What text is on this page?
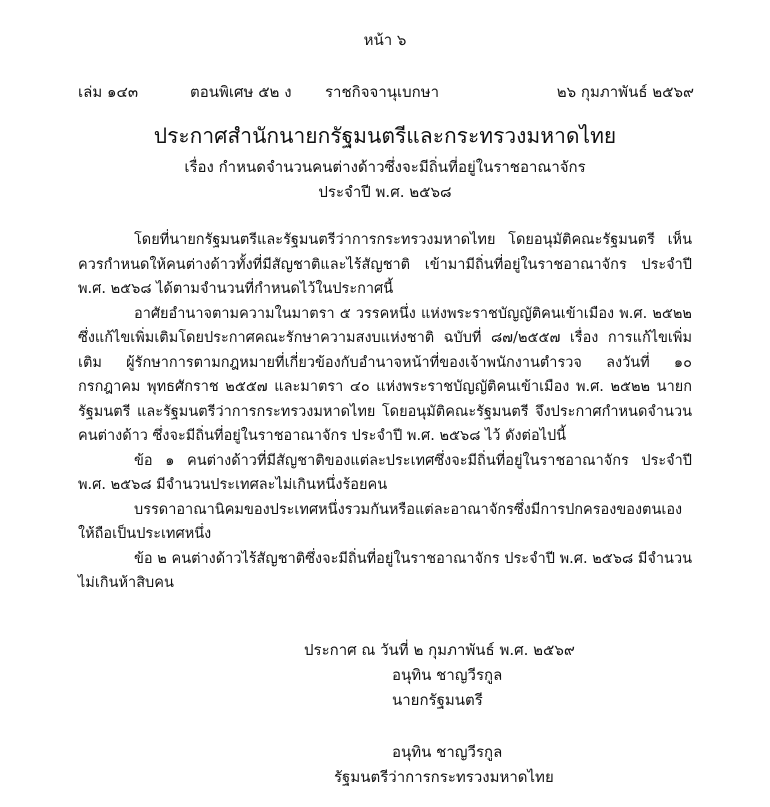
หน้า ๖
เล่ม ๑๔๓	ตอนพิเศษ ๕๒ ง ราชกิจจานุเบกษา	๒๖ กุมภาพันธ์ ๒๕๖๙
ประกาศสำนักนายกรัฐมนตรีและกระทรวงมหาดไทย
เรื่อง กำหนดจำนวนคนต่างด้าวซึ่งจะมีถิ่นที่อยู่ในราชอาณาจักร
ประจำปี พ.ศ. ๒๕๖๘

โดยที่นายกรัฐมนตรีและรัฐมนตรีว่าการกระทรวงมหาดไทย โดยอนุมัติคณะรัฐมนตรี เห็นควรกำหนดให้คนต่างด้าวทั้งที่มีสัญชาติและไร้สัญชาติ เข้ามามีถิ่นที่อยู่ในราชอาณาจักร ประจำปี พ.ศ. ๒๕๖๘ ได้ตามจำนวนที่กำหนดไว้ในประกาศนี้

อาศัยอำนาจตามความในมาตรา ๕ วรรคหนึ่ง แห่งพระราชบัญญัติคนเข้าเมือง พ.ศ. ๒๕๒๒ ซึ่งแก้ไขเพิ่มเติมโดยประกาศคณะรักษาความสงบแห่งชาติ ฉบับที่ ๘๗/๒๕๕๗ เรื่อง การแก้ไขเพิ่มเติม ผู้รักษาการตามกฎหมายที่เกี่ยวข้องกับอำนาจหน้าที่ของเจ้าพนักงานตำรวจ ลงวันที่ ๑๐ กรกฎาคม พุทธศักราช ๒๕๕๗ และมาตรา ๔๐ แห่งพระราชบัญญัติคนเข้าเมือง พ.ศ. ๒๕๒๒ นายกรัฐมนตรี และรัฐมนตรีว่าการกระทรวงมหาดไทย โดยอนุมัติคณะรัฐมนตรี จึงประกาศกำหนดจำนวนคนต่างด้าว ซึ่งจะมีถิ่นที่อยู่ในราชอาณาจักร ประจำปี พ.ศ. ๒๕๖๘ ไว้ ดังต่อไปนี้

ข้อ ๑ คนต่างด้าวที่มีสัญชาติของแต่ละประเทศซึ่งจะมีถิ่นที่อยู่ในราชอาณาจักร ประจำปี พ.ศ. ๒๕๖๘ มีจำนวนประเทศละไม่เกินหนึ่งร้อยคน

บรรดาอาณานิคมของประเทศหนึ่งรวมกันหรือแต่ละอาณาจักรซึ่งมีการปกครองของตนเอง ให้ถือเป็นประเทศหนึ่ง

ข้อ ๒ คนต่างด้าวไร้สัญชาติซึ่งจะมีถิ่นที่อยู่ในราชอาณาจักร ประจำปี พ.ศ. ๒๕๖๘ มีจำนวนไม่เกินห้าสิบคน

ประกาศ ณ วันที่ ๒ กุมภาพันธ์ พ.ศ. ๒๕๖๙
อนุทิน ชาญวีรกูล
นายกรัฐมนตรี
อนุทิน ชาญวีรกูล
รัฐมนตรีว่าการกระทรวงมหาดไทย
